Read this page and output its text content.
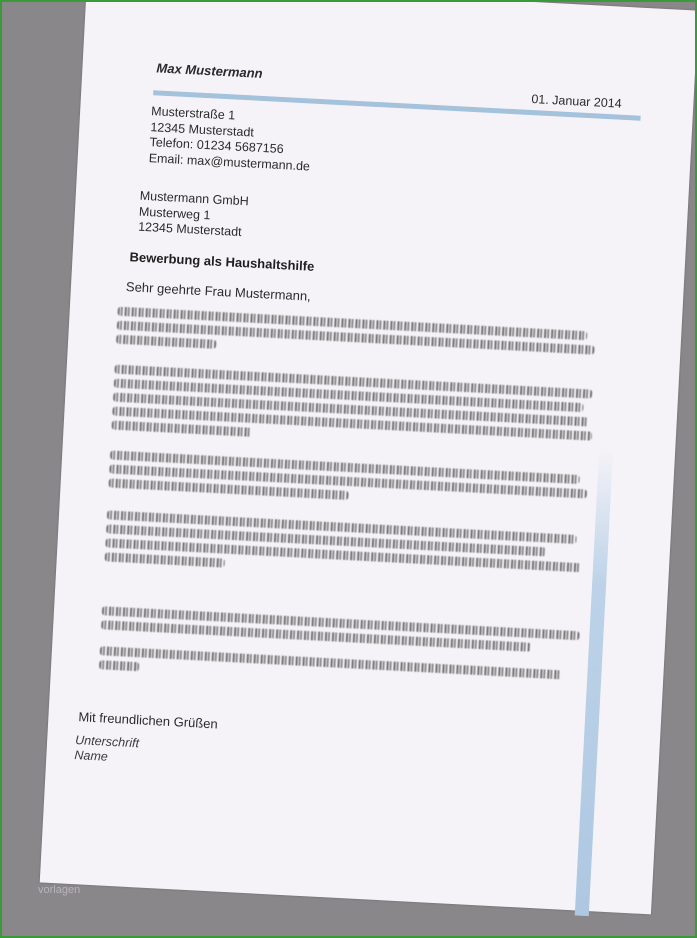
Max Mustermann
01. Januar 2014
Musterstraße 1
12345 Musterstadt
Telefon: 01234 5687156
Email: max@mustermann.de
Mustermann GmbH
Musterweg 1
12345 Musterstadt
Bewerbung als Haushaltshilfe
Sehr geehrte Frau Mustermann,
Mit freundlichen Grüßen
Unterschrift
Name
vorlagen
